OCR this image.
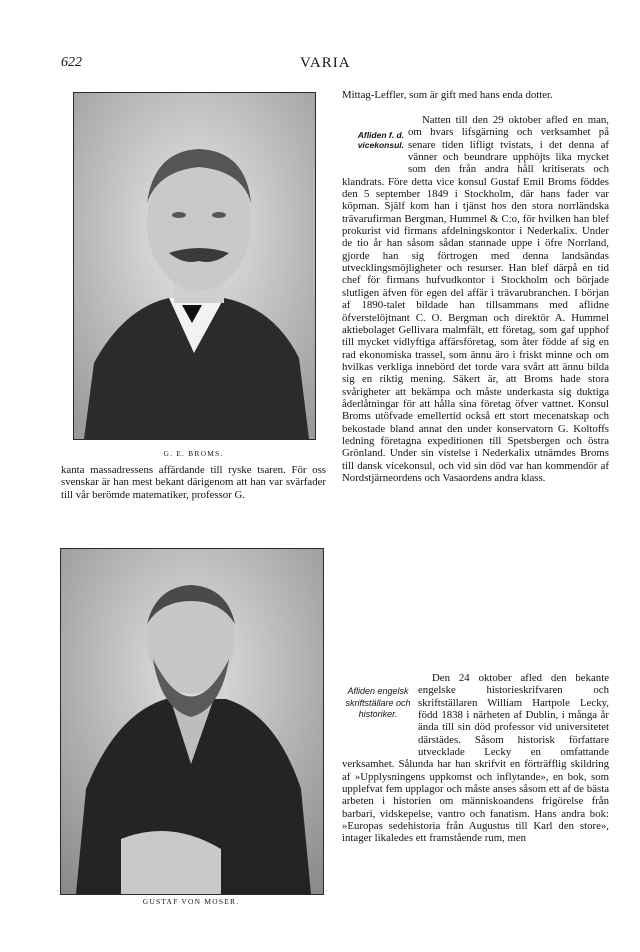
622	VARIA
G. E. BROMS.

kanta massadressens affärdande till ryske tsaren. För oss svenskar är han mest bekant därigenom att han var svärfader till vår berömde matematiker, professor G.

GUSTAF VON MOSER.

Mittag-Leffler, som är gift med hans endа dotter.

Afliden f. d.
vicekonsul.

Natten till den 29 oktober afled en man, om hvars lifsgärning och verksamhet på senare tiden lifligt tvistats, i det denna af vänner och beundrare upphöjts lika mycket som den från andra håll kritiserats och klandrats. Före detta vice konsul Gustaf Emil Broms föddes den 5 september 1849 i Stockholm, där hans fader var köpman. Själf kom han i tjänst hos den stora norrländska trävarufirman Bergman, Hummel & C:o, för hvilken han blef prokurist vid firmans afdelningskontor i Nederkalix. Under de tio år han såsom sådan stannade uppe i öfre Norrland, gjorde han sig förtrogen med denna landsändas utvecklingsmöjligheter och resurser. Han blef därpå en tid chef för firmans hufvudkontor i Stockholm och började slutligen äfven för egen del affär i trävarubranchen. I början af 1890-talet bildade han tillsammans med aflidne öfverstelöjtnant C. O. Bergman och direktör A. Hummel aktiebolaget Gellivara malmfält, ett företag, som gaf upphof till mycket vidlyftiga affärsföretag, som åter födde af sig en rad ekonomiska trassel, som ännu äro i friskt minne och om hvilkas verkliga innebörd det torde vara svårt att ännu bilda sig en riktig mening. Säkert är, att Broms hade stora svårigheter att bekämpa och måste underkasta sig duktiga åderlåtningar för att hålla sina företag öfver vattnet. Konsul Broms utöfvade emellertid också ett stort mecenatskap och bekostade bland annat den under konservatorn G. Koltoffs ledning företagna expeditionen till Spetsbergen och östra Grönland. Under sin vistelse i Nederkalix utnämdes Broms till dansk vicekonsul, och vid sin död var han kommendör af Nordstjärneordens och Vasaordens andra klass.

Afliden engelsk skriftställare och historiker.

Den 24 oktober afled den bekante engelske historieskrifvaren och skriftställaren William Hartpole Lecky, född 1838 i närheten af Dublin, i många år ända till sin död professor vid universitetet därstädes. Såsom historisk författare utvecklade Lecky en omfattande verksamhet. Sålunda har han skrifvit en förträfflig skildring af »Upplysningens uppkomst och inflytande», en bok, som upplefvat fem upplagor och måste anses såsom ett af de bästa arbeten i historien om människoandens frigörelse från barbari, vidskepelse, vantro och fanatism. Hans andra bok: »Europas sedehistoria från Augustus till Karl den store», intager likaledes ett framstående rum, men
